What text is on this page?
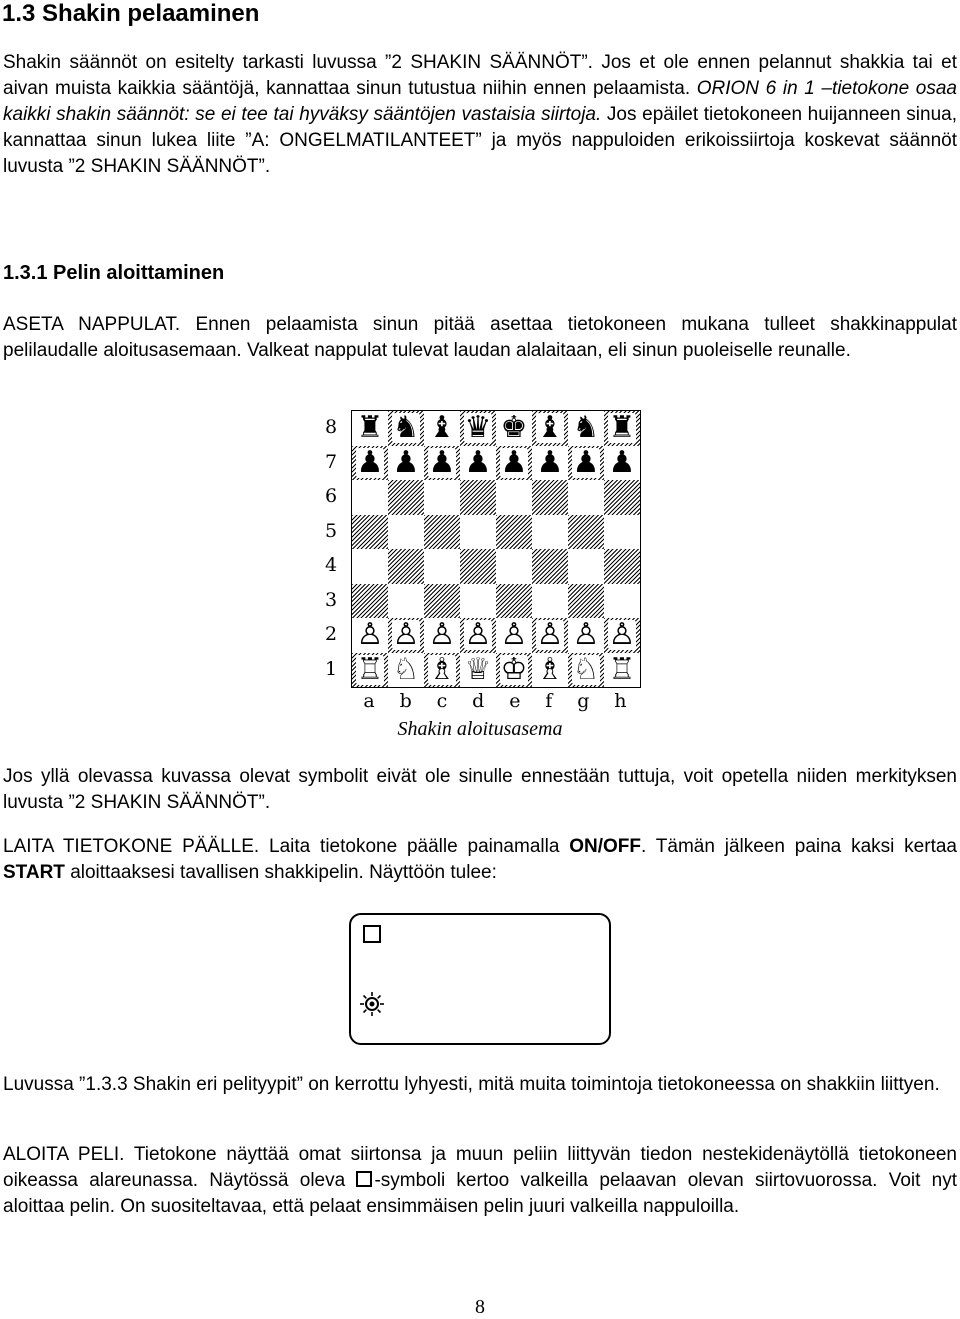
1.3 Shakin pelaaminen

Shakin säännöt on esitelty tarkasti luvussa ”2 SHAKIN SÄÄNNÖT”. Jos et ole ennen pelannut shakkia tai et aivan muista kaikkia sääntöjä, kannattaa sinun tutustua niihin ennen pelaamista. ORION 6 in 1 –tietokone osaa kaikki shakin säännöt: se ei tee tai hyväksy sääntöjen vastaisia siirtoja. Jos epäilet tietokoneen huijanneen sinua, kannattaa sinun lukea liite ”A: ONGELMATILANTEET” ja myös nappuloiden erikoissiirtoja koskevat säännöt luvusta ”2 SHAKIN SÄÄNNÖT”.

1.3.1 Pelin aloittaminen

ASETA NAPPULAT. Ennen pelaamista sinun pitää asettaa tietokoneen mukana tulleet shakkinappulat pelilaudalle aloitusasemaan. Valkeat nappulat tulevat laudan alalaitaan, eli sinun puoleiselle reunalle.

8
7
6
5
4
3
2
1
♜ ♞ ♝ ♛ ♚ ♝ ♞ ♜
♟ ♟ ♟ ♟ ♟ ♟ ♟ ♟
♙ ♙ ♙ ♙ ♙ ♙ ♙ ♙
♖ ♘ ♗ ♕ ♔ ♗ ♘ ♖
a b c d e f g h
Shakin aloitusasema

Jos yllä olevassa kuvassa olevat symbolit eivät ole sinulle ennestään tuttuja, voit opetella niiden merkityksen luvusta ”2 SHAKIN SÄÄNNÖT”.

LAITA TIETOKONE PÄÄLLE. Laita tietokone päälle painamalla ON/OFF. Tämän jälkeen paina kaksi kertaa START aloittaaksesi tavallisen shakkipelin. Näyttöön tulee:

Luvussa ”1.3.3 Shakin eri pelityypit” on kerrottu lyhyesti, mitä muita toimintoja tietokoneessa on shakkiin liittyen.

ALOITA PELI. Tietokone näyttää omat siirtonsa ja muun peliin liittyvän tiedon nestekidenäytöllä tietokoneen oikeassa alareunassa. Näytössä oleva -symboli kertoo valkeilla pelaavan olevan siirtovuorossa. Voit nyt aloittaa pelin. On suositeltavaa, että pelaat ensimmäisen pelin juuri valkeilla nappuloilla.

8
